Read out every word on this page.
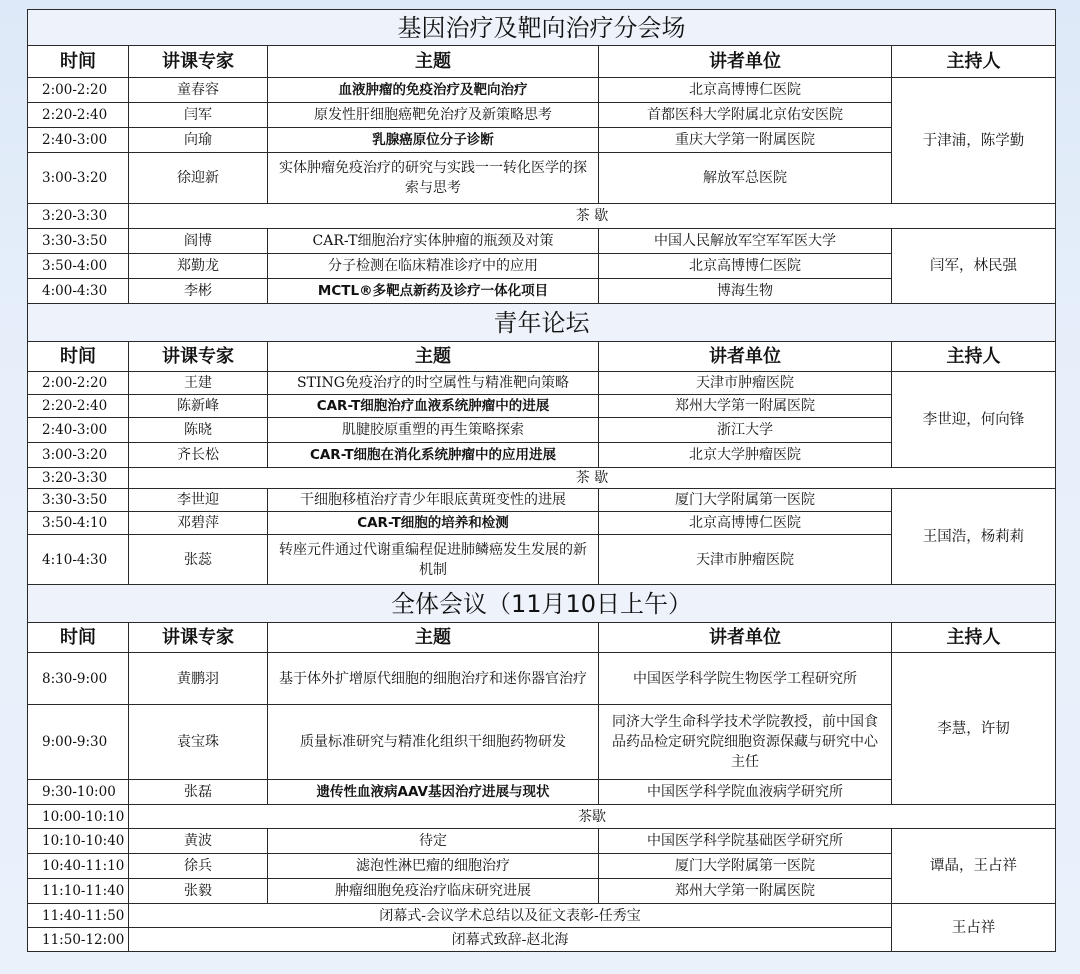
基因治疗及靶向治疗分会场				
时间	讲课专家	主题	讲者单位	主持人
2:00-2:20	童春容	血液肿瘤的免疫治疗及靶向治疗	北京高博博仁医院	于津浦，陈学勤
2:20-2:40	闫军	原发性肝细胞癌靶免治疗及新策略思考	首都医科大学附属北京佑安医院	
2:40-3:00	向瑜	乳腺癌原位分子诊断	重庆大学第一附属医院	
3:00-3:20	徐迎新	实体肿瘤免疫治疗的研究与实践一一转化医学的探索与思考	解放军总医院	
3:20-3:30	茶 歇			
3:30-3:50	阎博	CAR-T细胞治疗实体肿瘤的瓶颈及对策	中国人民解放军空军军医大学	闫军，林民强
3:50-4:00	郑勤龙	分子检测在临床精准诊疗中的应用	北京高博博仁医院	
4:00-4:30	李彬	MCTL®多靶点新药及诊疗一体化项目	博海生物	
青年论坛				
时间	讲课专家	主题	讲者单位	主持人
2:00-2:20	王建	STING免疫治疗的时空属性与精准靶向策略	天津市肿瘤医院	李世迎，何向锋
2:20-2:40	陈新峰	CAR-T细胞治疗血液系统肿瘤中的进展	郑州大学第一附属医院	
2:40-3:00	陈晓	肌腱胶原重塑的再生策略探索	浙江大学	
3:00-3:20	齐长松	CAR-T细胞在消化系统肿瘤中的应用进展	北京大学肿瘤医院	
3:20-3:30	茶 歇			
3:30-3:50	李世迎	干细胞移植治疗青少年眼底黄斑变性的进展	厦门大学附属第一医院	王国浩，杨莉莉
3:50-4:10	邓碧萍	CAR-T细胞的培养和检测	北京高博博仁医院	
4:10-4:30	张蕊	转座元件通过代谢重编程促进肺鳞癌发生发展的新机制	天津市肿瘤医院	
全体会议（11月10日上午）				
时间	讲课专家	主题	讲者单位	主持人
8:30-9:00	黄鹏羽	基于体外扩增原代细胞的细胞治疗和迷你器官治疗	中国医学科学院生物医学工程研究所	李慧，许韧
9:00-9:30	袁宝珠	质量标准研究与精准化组织干细胞药物研发	同济大学生命科学技术学院教授，前中国食品药品检定研究院细胞资源保藏与研究中心主任	
9:30-10:00	张磊	遗传性血液病AAV基因治疗进展与现状	中国医学科学院血液病学研究所	
10:00-10:10	茶歇			
10:10-10:40	黄波	待定	中国医学科学院基础医学研究所	谭晶，王占祥
10:40-11:10	徐兵	滤泡性淋巴瘤的细胞治疗	厦门大学附属第一医院	
11:10-11:40	张毅	肿瘤细胞免疫治疗临床研究进展	郑州大学第一附属医院	
11:40-11:50	闭幕式-会议学术总结以及征文表彰-任秀宝			王占祥
11:50-12:00	闭幕式致辞-赵北海			
